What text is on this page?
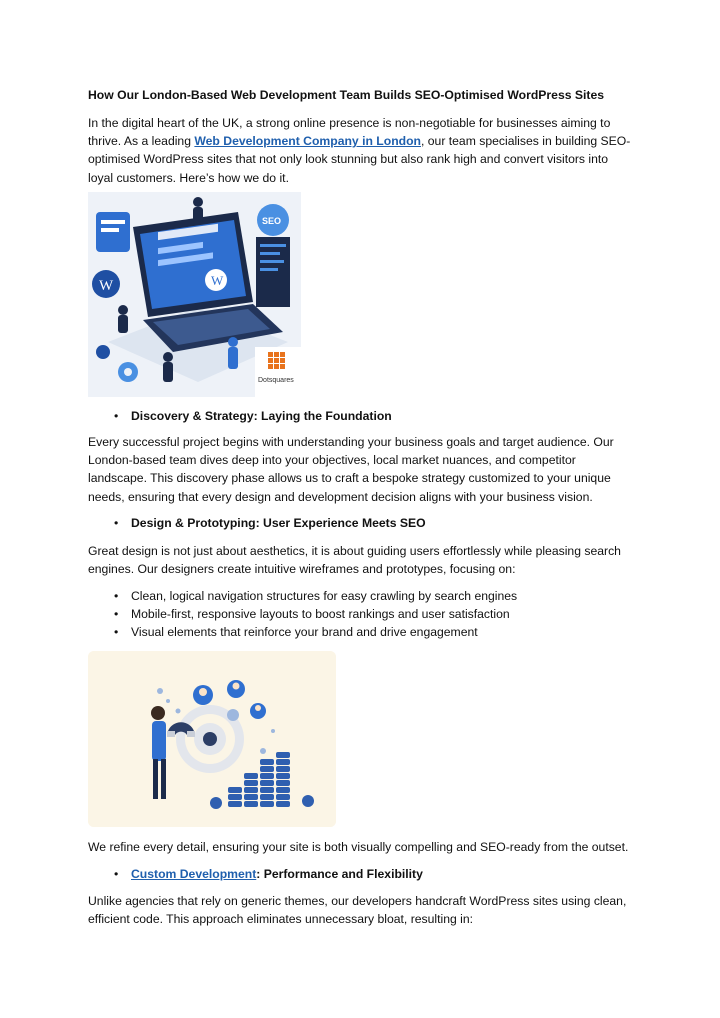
How Our London-Based Web Development Team Builds SEO-Optimised WordPress Sites
In the digital heart of the UK, a strong online presence is non-negotiable for businesses aiming to thrive. As a leading Web Development Company in London, our team specialises in building SEO-optimised WordPress sites that not only look stunning but also rank high and convert visitors into loyal customers. Here’s how we do it.
W
W
SEO
Dotsquares
•	Discovery & Strategy: Laying the Foundation
Every successful project begins with understanding your business goals and target audience. Our London-based team dives deep into your objectives, local market nuances, and competitor landscape. This discovery phase allows us to craft a bespoke strategy customized to your unique needs, ensuring that every design and development decision aligns with your business vision.
•	Design & Prototyping: User Experience Meets SEO
Great design is not just about aesthetics, it is about guiding users effortlessly while pleasing search engines. Our designers create intuitive wireframes and prototypes, focusing on:
•	Clean, logical navigation structures for easy crawling by search engines
•	Mobile-first, responsive layouts to boost rankings and user satisfaction
•	Visual elements that reinforce your brand and drive engagement
We refine every detail, ensuring your site is both visually compelling and SEO-ready from the outset.
•	Custom Development: Performance and Flexibility
Unlike agencies that rely on generic themes, our developers handcraft WordPress sites using clean, efficient code. This approach eliminates unnecessary bloat, resulting in:
